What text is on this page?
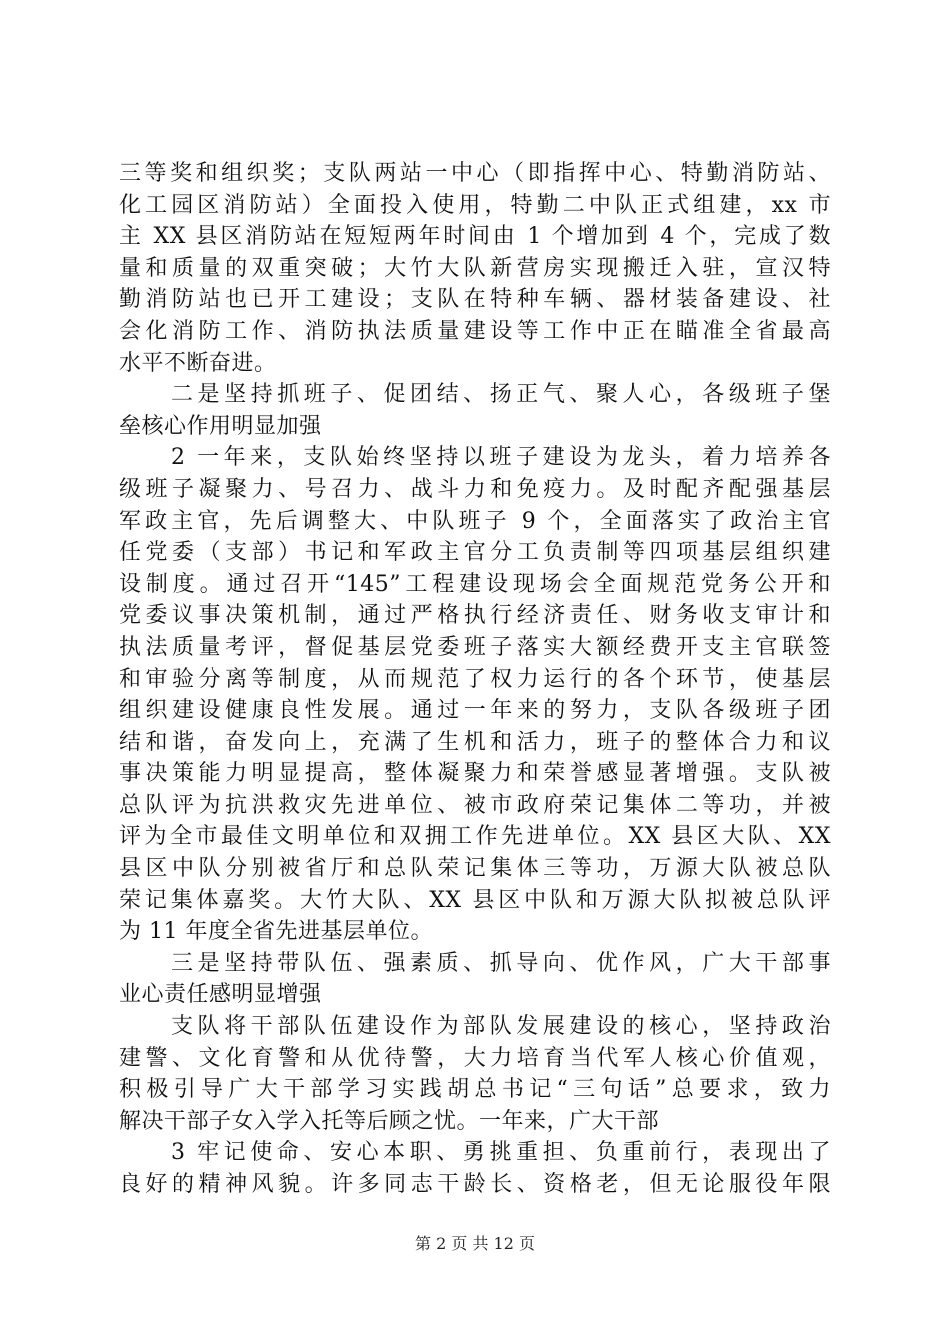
三等奖和组织奖；支队两站一中心（即指挥中心、特勤消防站、
化工园区消防站）全面投入使用，特勤二中队正式组建，xx 市
主 XX 县区消防站在短短两年时间由 1 个增加到 4 个，完成了数
量和质量的双重突破；大竹大队新营房实现搬迁入驻，宣汉特
勤消防站也已开工建设；支队在特种车辆、器材装备建设、社
会化消防工作、消防执法质量建设等工作中正在瞄准全省最高
水平不断奋进。
二是坚持抓班子、促团结、扬正气、聚人心，各级班子堡
垒核心作用明显加强
2 一年来，支队始终坚持以班子建设为龙头，着力培养各
级班子凝聚力、号召力、战斗力和免疫力。及时配齐配强基层
军政主官，先后调整大、中队班子 9 个，全面落实了政治主官
任党委（支部）书记和军政主官分工负责制等四项基层组织建
设制度。通过召开“145”工程建设现场会全面规范党务公开和
党委议事决策机制，通过严格执行经济责任、财务收支审计和
执法质量考评，督促基层党委班子落实大额经费开支主官联签
和审验分离等制度，从而规范了权力运行的各个环节，使基层
组织建设健康良性发展。通过一年来的努力，支队各级班子团
结和谐，奋发向上，充满了生机和活力，班子的整体合力和议
事决策能力明显提高，整体凝聚力和荣誉感显著增强。支队被
总队评为抗洪救灾先进单位、被市政府荣记集体二等功，并被
评为全市最佳文明单位和双拥工作先进单位。XX 县区大队、XX
县区中队分别被省厅和总队荣记集体三等功，万源大队被总队
荣记集体嘉奖。大竹大队、XX 县区中队和万源大队拟被总队评
为 11 年度全省先进基层单位。
三是坚持带队伍、强素质、抓导向、优作风，广大干部事
业心责任感明显增强
支队将干部队伍建设作为部队发展建设的核心，坚持政治
建警、文化育警和从优待警，大力培育当代军人核心价值观，
积极引导广大干部学习实践胡总书记“三句话”总要求，致力
解决干部子女入学入托等后顾之忧。一年来，广大干部
3 牢记使命、安心本职、勇挑重担、负重前行，表现出了
良好的精神风貌。许多同志干龄长、资格老，但无论服役年限
第 2 页 共 12 页
